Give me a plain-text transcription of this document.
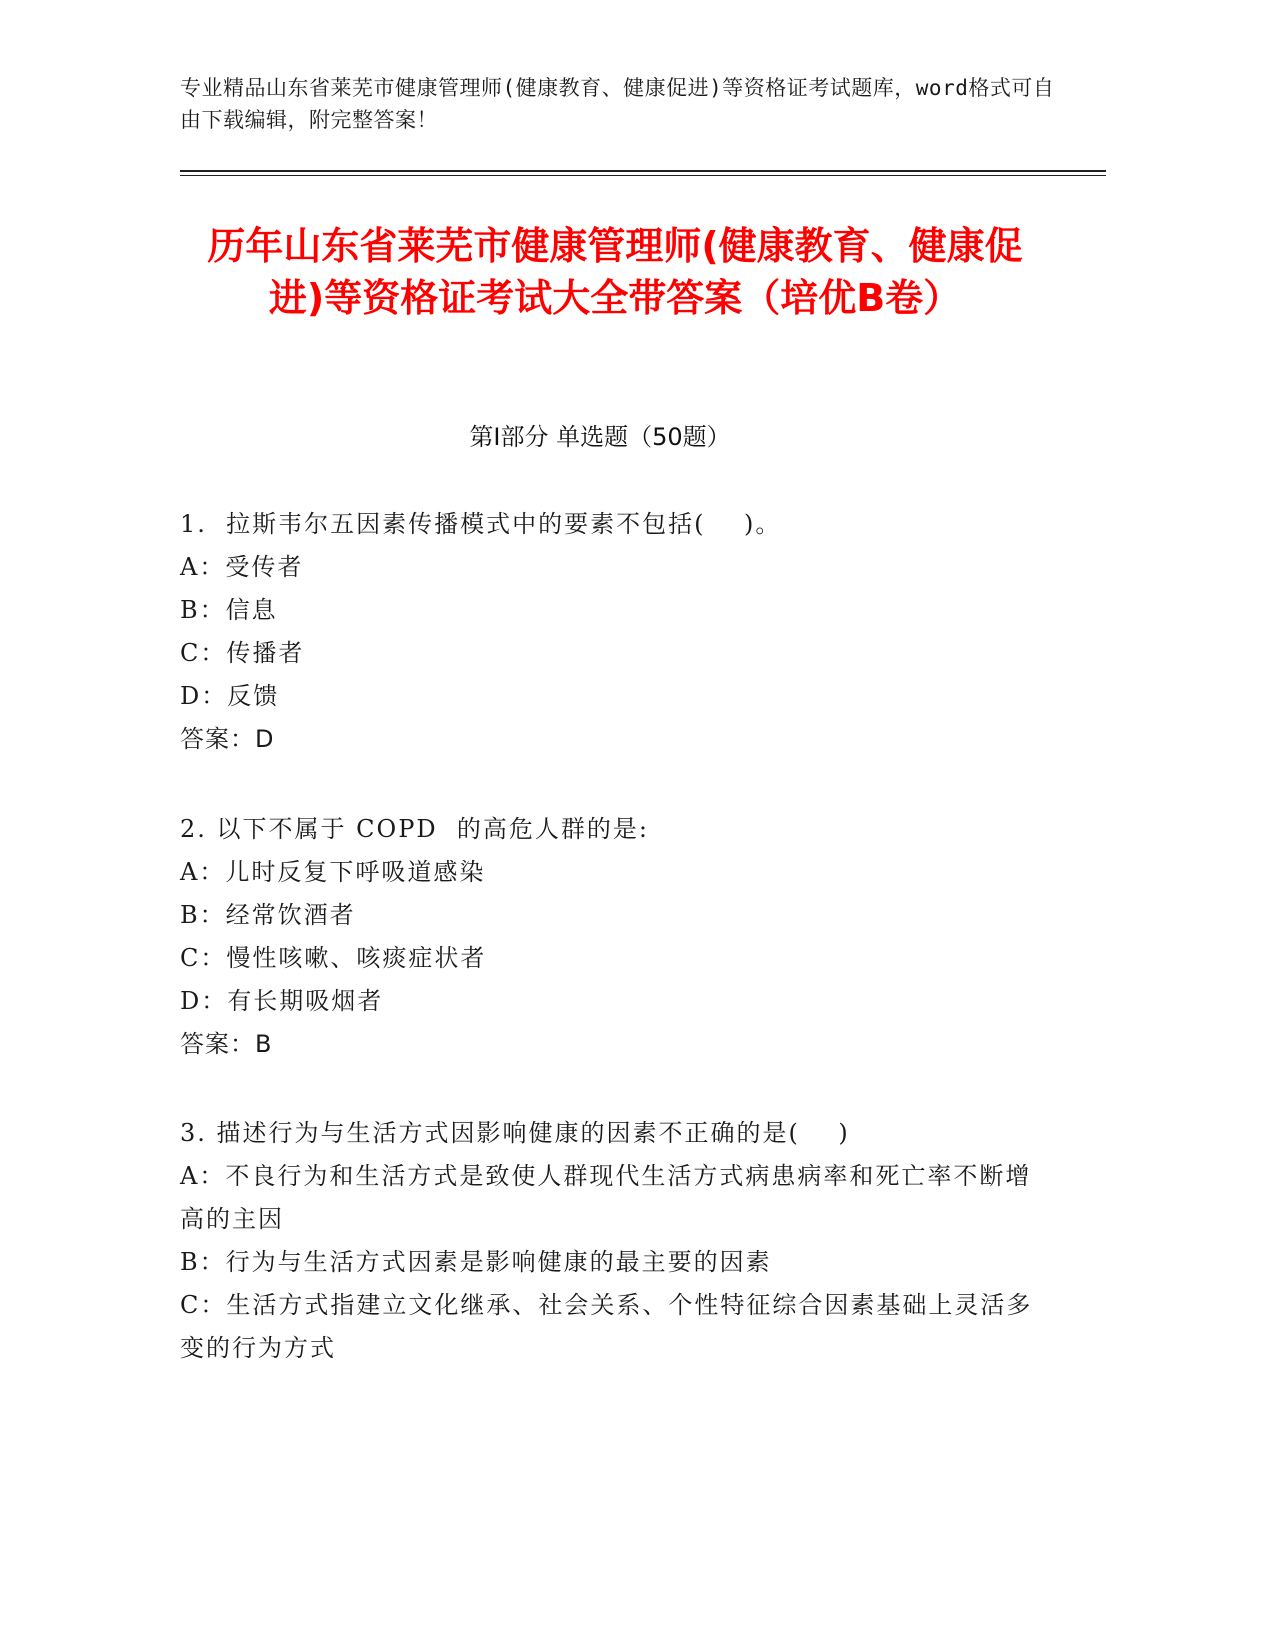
专业精品山东省莱芜市健康管理师(健康教育、健康促进)等资格证考试题库，word格式可自由下载编辑，附完整答案！
历年山东省莱芜市健康管理师(健康教育、健康促进)等资格证考试大全带答案（培优B卷）
第Ⅰ部分 单选题（50题）
1.  拉斯韦尔五因素传播模式中的要素不包括(    )。
A：受传者
B：信息
C：传播者
D：反馈
答案：D
2. 以下不属于 COPD  的高危人群的是:
A：儿时反复下呼吸道感染
B：经常饮酒者
C：慢性咳嗽、咳痰症状者
D：有长期吸烟者
答案：B
3. 描述行为与生活方式因影响健康的因素不正确的是(    )
A：不良行为和生活方式是致使人群现代生活方式病患病率和死亡率不断增高的主因
B：行为与生活方式因素是影响健康的最主要的因素
C：生活方式指建立文化继承、社会关系、个性特征综合因素基础上灵活多变的行为方式
